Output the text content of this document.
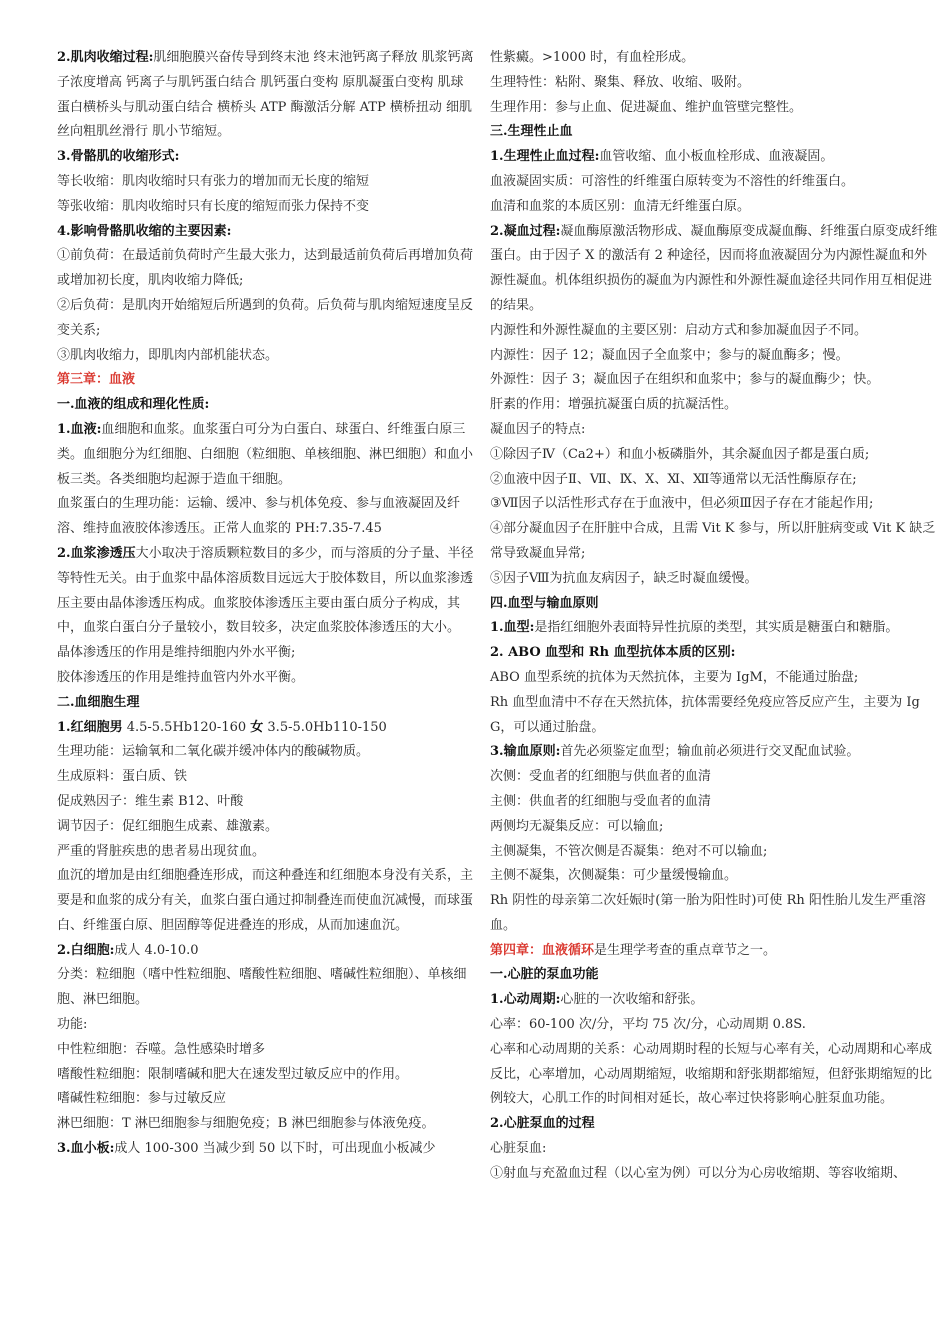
2.肌肉收缩过程:肌细胞膜兴奋传导到终末池 终末池钙离子释放 肌浆钙离子浓度增高 钙离子与肌钙蛋白结合 肌钙蛋白变构 原肌凝蛋白变构 肌球蛋白横桥头与肌动蛋白结合 横桥头 ATP 酶激活分解 ATP 横桥扭动 细肌丝向粗肌丝滑行 肌小节缩短。

3.骨骼肌的收缩形式:

等长收缩：肌肉收缩时只有张力的增加而无长度的缩短

等张收缩：肌肉收缩时只有长度的缩短而张力保持不变

4.影响骨骼肌收缩的主要因素:

①前负荷：在最适前负荷时产生最大张力，达到最适前负荷后再增加负荷或增加初长度，肌肉收缩力降低;

②后负荷：是肌肉开始缩短后所遇到的负荷。后负荷与肌肉缩短速度呈反变关系;

③肌肉收缩力，即肌肉内部机能状态。

第三章：血液

一.血液的组成和理化性质:

1.血液:血细胞和血浆。血浆蛋白可分为白蛋白、球蛋白、纤维蛋白原三类。血细胞分为红细胞、白细胞（粒细胞、单核细胞、淋巴细胞）和血小板三类。各类细胞均起源于造血干细胞。

血浆蛋白的生理功能：运输、缓冲、参与机体免疫、参与血液凝固及纤溶、维持血液胶体渗透压。正常人血浆的 PH:7.35-7.45

2.血浆渗透压大小取决于溶质颗粒数目的多少，而与溶质的分子量、半径等特性无关。由于血浆中晶体溶质数目远远大于胶体数目，所以血浆渗透压主要由晶体渗透压构成。血浆胶体渗透压主要由蛋白质分子构成，其中，血浆白蛋白分子量较小，数目较多，决定血浆胶体渗透压的大小。

晶体渗透压的作用是维持细胞内外水平衡;

胶体渗透压的作用是维持血管内外水平衡。

二.血细胞生理

1.红细胞男 4.5-5.5Hb120-160 女 3.5-5.0Hb110-150

生理功能：运输氧和二氧化碳并缓冲体内的酸碱物质。

生成原料：蛋白质、铁

促成熟因子：维生素 B12、叶酸

调节因子：促红细胞生成素、雄激素。

严重的肾脏疾患的患者易出现贫血。

血沉的增加是由红细胞叠连形成，而这种叠连和红细胞本身没有关系，主要是和血浆的成分有关，血浆白蛋白通过抑制叠连而使血沉减慢，而球蛋白、纤维蛋白原、胆固醇等促进叠连的形成，从而加速血沉。

2.白细胞:成人 4.0-10.0

分类：粒细胞（嗜中性粒细胞、嗜酸性粒细胞、嗜碱性粒细胞）、单核细胞、淋巴细胞。

功能:

中性粒细胞：吞噬。急性感染时增多

嗜酸性粒细胞：限制嗜碱和肥大在速发型过敏反应中的作用。

嗜碱性粒细胞：参与过敏反应

淋巴细胞：T 淋巴细胞参与细胞免疫；B 淋巴细胞参与体液免疫。

3.血小板:成人 100-300 当减少到 50 以下时，可出现血小板减少

性紫癜。>1000 时，有血栓形成。

生理特性：粘附、聚集、释放、收缩、吸附。

生理作用：参与止血、促进凝血、维护血管壁完整性。

三.生理性止血

1.生理性止血过程:血管收缩、血小板血栓形成、血液凝固。

血液凝固实质：可溶性的纤维蛋白原转变为不溶性的纤维蛋白。

血清和血浆的本质区别：血清无纤维蛋白原。

2.凝血过程:凝血酶原激活物形成、凝血酶原变成凝血酶、纤维蛋白原变成纤维蛋白。由于因子 X 的激活有 2 种途径，因而将血液凝固分为内源性凝血和外源性凝血。机体组织损伤的凝血为内源性和外源性凝血途径共同作用互相促进的结果。

内源性和外源性凝血的主要区别：启动方式和参加凝血因子不同。

内源性：因子 12；凝血因子全血浆中；参与的凝血酶多；慢。

外源性：因子 3；凝血因子在组织和血浆中；参与的凝血酶少；快。

肝素的作用：增强抗凝蛋白质的抗凝活性。

凝血因子的特点:

①除因子Ⅳ（Ca2+）和血小板磷脂外，其余凝血因子都是蛋白质;

②血液中因子Ⅱ、Ⅶ、Ⅸ、Ⅹ、Ⅺ、Ⅻ等通常以无活性酶原存在;

③Ⅶ因子以活性形式存在于血液中，但必须Ⅲ因子存在才能起作用;

④部分凝血因子在肝脏中合成，且需 Vit K 参与，所以肝脏病变或 Vit K 缺乏常导致凝血异常;

⑤因子Ⅷ为抗血友病因子，缺乏时凝血缓慢。

四.血型与输血原则

1.血型:是指红细胞外表面特异性抗原的类型，其实质是糖蛋白和糖脂。

2. ABO 血型和 Rh 血型抗体本质的区别:

ABO 血型系统的抗体为天然抗体，主要为 IgM，不能通过胎盘;

Rh 血型血清中不存在天然抗体，抗体需要经免疫应答反应产生，主要为 IgG，可以通过胎盘。

3.输血原则:首先必须鉴定血型；输血前必须进行交叉配血试验。

次侧：受血者的红细胞与供血者的血清

主侧：供血者的红细胞与受血者的血清

两侧均无凝集反应：可以输血;

主侧凝集，不管次侧是否凝集：绝对不可以输血;

主侧不凝集，次侧凝集：可少量缓慢输血。

Rh 阴性的母亲第二次妊娠时(第一胎为阳性时)可使 Rh 阳性胎儿发生严重溶血。

第四章：血液循环是生理学考查的重点章节之一。

一.心脏的泵血功能

1.心动周期:心脏的一次收缩和舒张。

心率：60-100 次/分，平均 75 次/分，心动周期 0.8S.

心率和心动周期的关系：心动周期时程的长短与心率有关，心动周期和心率成反比，心率增加，心动周期缩短，收缩期和舒张期都缩短，但舒张期缩短的比例较大，心肌工作的时间相对延长，故心率过快将影响心脏泵血功能。

2.心脏泵血的过程

心脏泵血:

①射血与充盈血过程（以心室为例）可以分为心房收缩期、等容收缩期、
